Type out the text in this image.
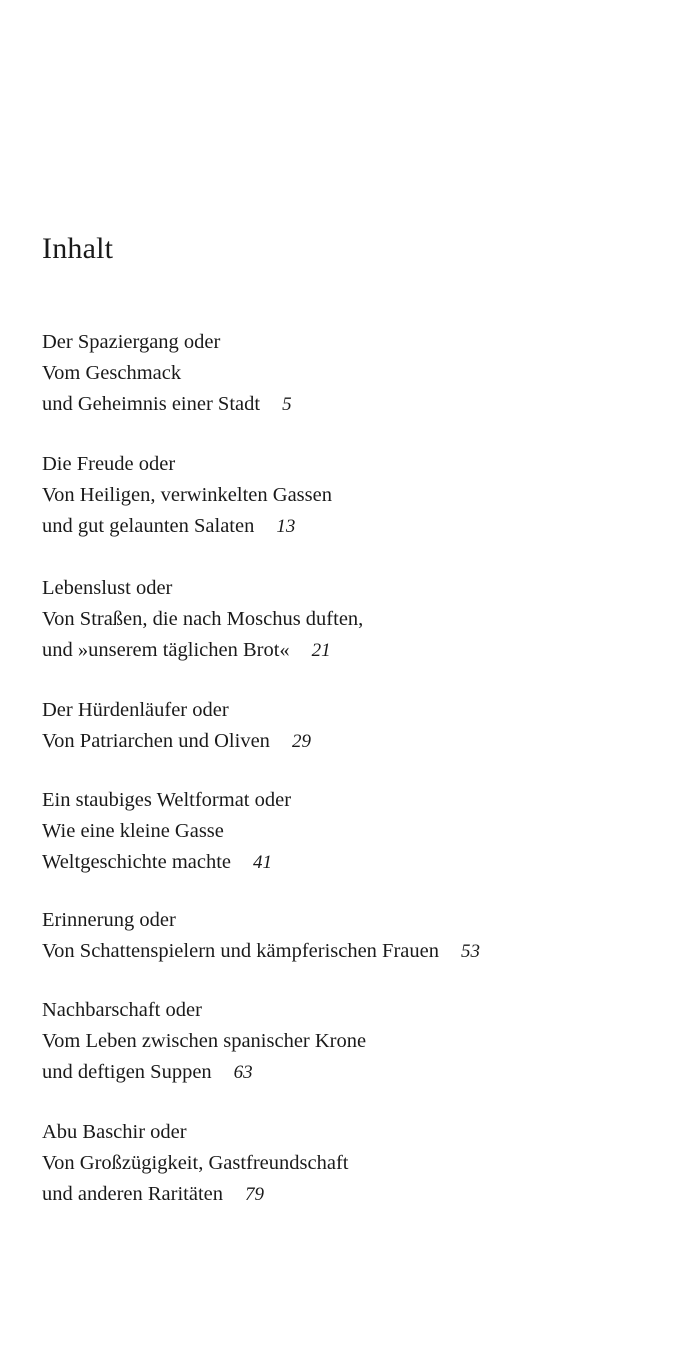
Inhalt
Der Spaziergang oder
Vom Geschmack
und Geheimnis einer Stadt 5
Die Freude oder
Von Heiligen, verwinkelten Gassen
und gut gelaunten Salaten 13
Lebenslust oder
Von Straßen, die nach Moschus duften,
und »unserem täglichen Brot« 21
Der Hürdenläufer oder
Von Patriarchen und Oliven 29
Ein staubiges Weltformat oder
Wie eine kleine Gasse
Weltgeschichte machte 41
Erinnerung oder
Von Schattenspielern und kämpferischen Frauen 53
Nachbarschaft oder
Vom Leben zwischen spanischer Krone
und deftigen Suppen 63
Abu Baschir oder
Von Großzügigkeit, Gastfreundschaft
und anderen Raritäten 79
